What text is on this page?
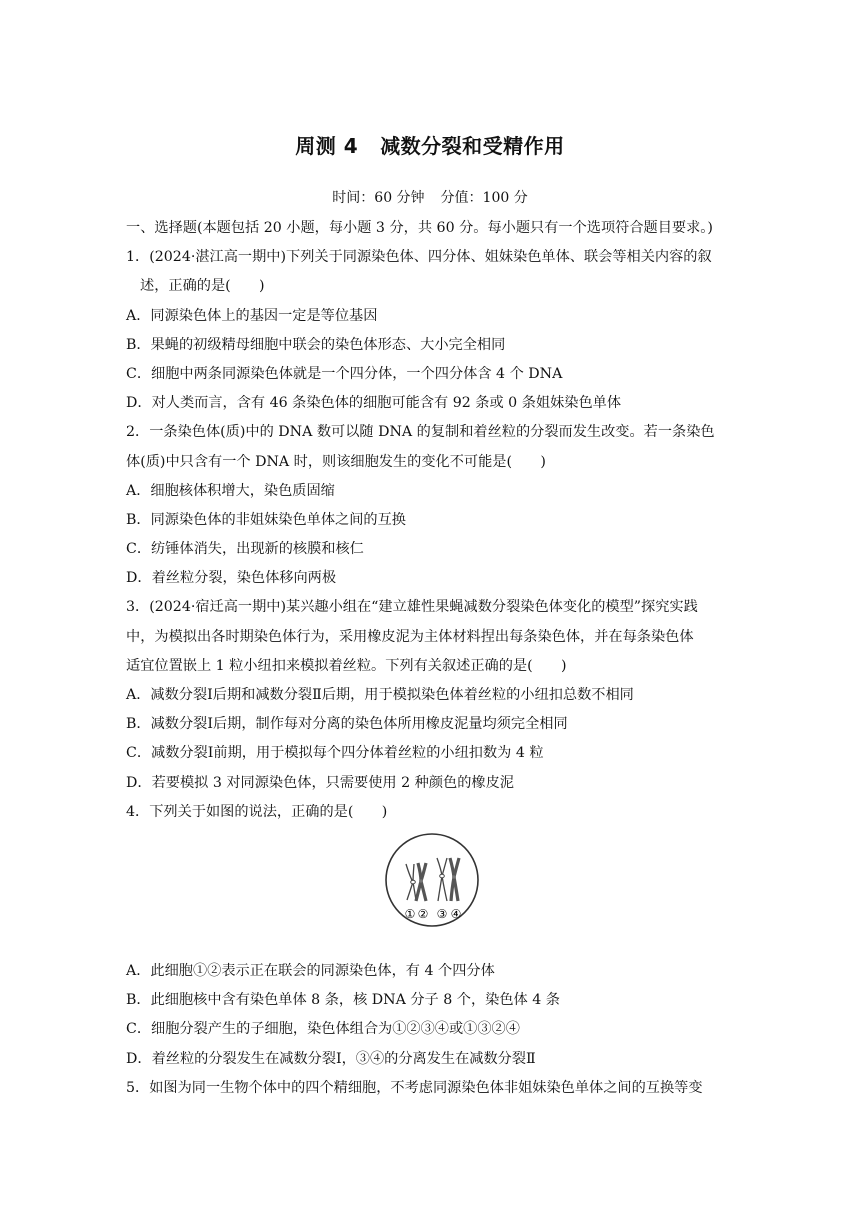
周测 4 减数分裂和受精作用
时间：60 分钟 分值：100 分
一、选择题(本题包括 20 小题，每小题 3 分，共 60 分。每小题只有一个选项符合题目要求。)
1．(2024·湛江高一期中)下列关于同源染色体、四分体、姐妹染色单体、联会等相关内容的叙
述，正确的是(　　)
A．同源染色体上的基因一定是等位基因
B．果蝇的初级精母细胞中联会的染色体形态、大小完全相同
C．细胞中两条同源染色体就是一个四分体，一个四分体含 4 个 DNA
D．对人类而言，含有 46 条染色体的细胞可能含有 92 条或 0 条姐妹染色单体
2．一条染色体(质)中的 DNA 数可以随 DNA 的复制和着丝粒的分裂而发生改变。若一条染色
体(质)中只含有一个 DNA 时，则该细胞发生的变化不可能是(　　)
A．细胞核体积增大，染色质固缩
B．同源染色体的非姐妹染色单体之间的互换
C．纺锤体消失，出现新的核膜和核仁
D．着丝粒分裂，染色体移向两极
3．(2024·宿迁高一期中)某兴趣小组在“建立雄性果蝇减数分裂染色体变化的模型”探究实践
中，为模拟出各时期染色体行为，采用橡皮泥为主体材料捏出每条染色体，并在每条染色体
适宜位置嵌上 1 粒小纽扣来模拟着丝粒。下列有关叙述正确的是(　　)
A．减数分裂Ⅰ后期和减数分裂Ⅱ后期，用于模拟染色体着丝粒的小纽扣总数不相同
B．减数分裂Ⅰ后期，制作每对分离的染色体所用橡皮泥量均须完全相同
C．减数分裂Ⅰ前期，用于模拟每个四分体着丝粒的小纽扣数为 4 粒
D．若要模拟 3 对同源染色体，只需要使用 2 种颜色的橡皮泥
4．下列关于如图的说法，正确的是(　　)
① ② ③ ④
A．此细胞①②表示正在联会的同源染色体，有 4 个四分体
B．此细胞核中含有染色单体 8 条，核 DNA 分子 8 个，染色体 4 条
C．细胞分裂产生的子细胞，染色体组合为①②③④或①③②④
D．着丝粒的分裂发生在减数分裂Ⅰ，③④的分离发生在减数分裂Ⅱ
5．如图为同一生物个体中的四个精细胞，不考虑同源染色体非姐妹染色单体之间的互换等变
